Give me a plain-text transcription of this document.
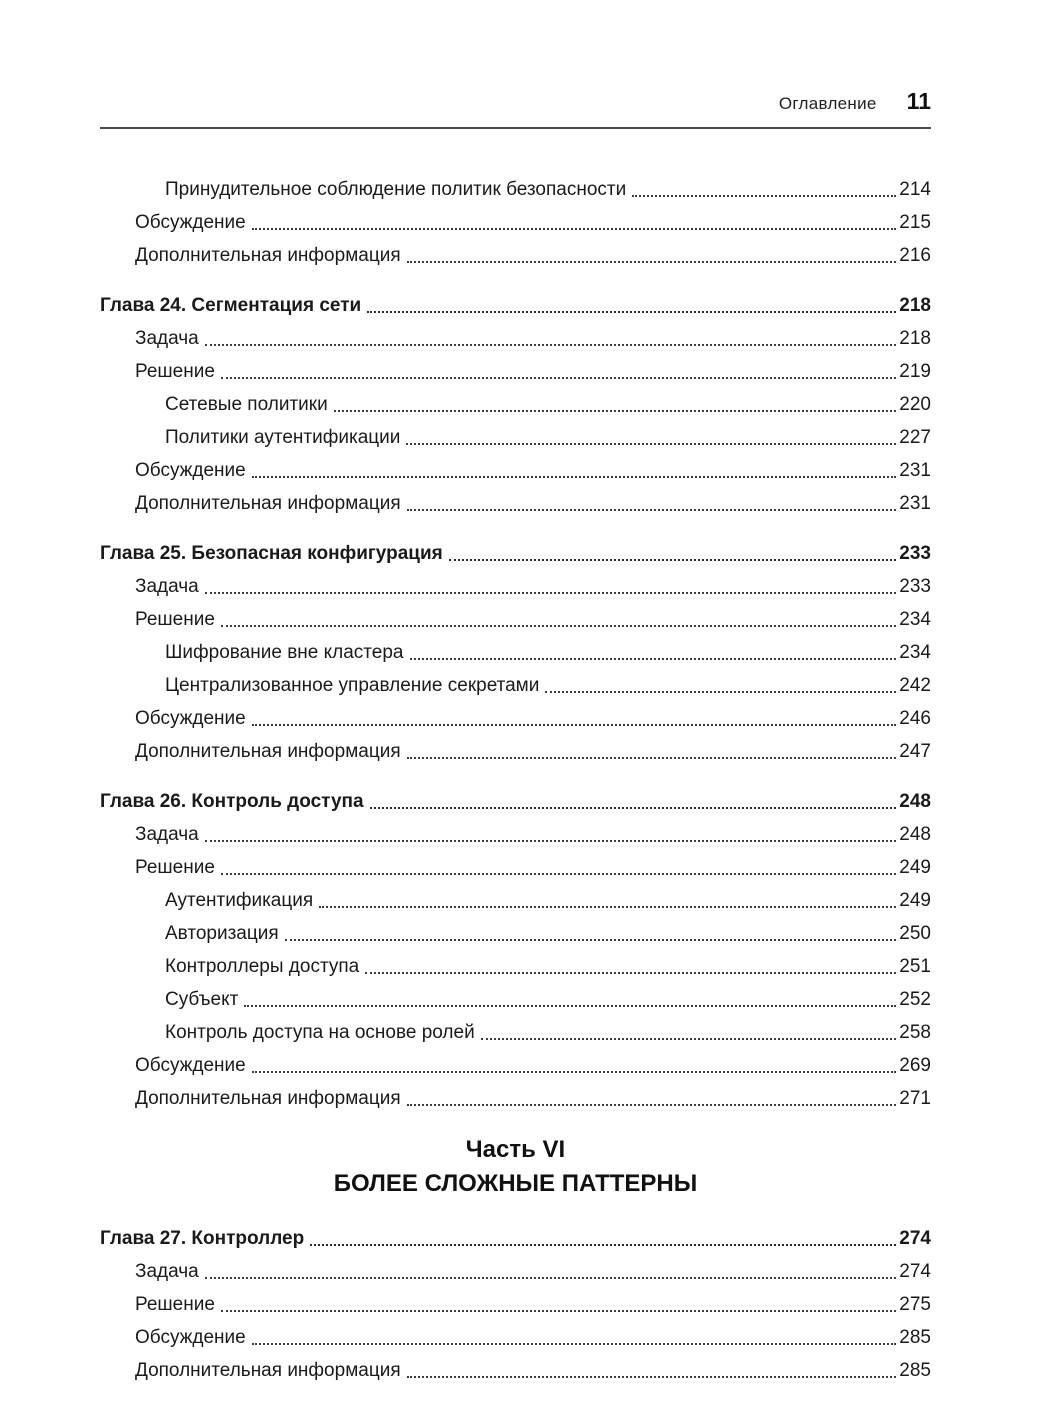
Оглавление 11
Принудительное соблюдение политик безопасности	214
Обсуждение	215
Дополнительная информация	216
Глава 24. Сегментация сети	218
Задача	218
Решение	219
Сетевые политики	220
Политики аутентификации	227
Обсуждение	231
Дополнительная информация	231
Глава 25. Безопасная конфигурация	233
Задача	233
Решение	234
Шифрование вне кластера	234
Централизованное управление секретами	242
Обсуждение	246
Дополнительная информация	247
Глава 26. Контроль доступа	248
Задача	248
Решение	249
Аутентификация	249
Авторизация	250
Контроллеры доступа	251
Субъект	252
Контроль доступа на основе ролей	258
Обсуждение	269
Дополнительная информация	271
Часть VI
БОЛЕЕ СЛОЖНЫЕ ПАТТЕРНЫ
Глава 27. Контроллер	274
Задача	274
Решение	275
Обсуждение	285
Дополнительная информация	285
